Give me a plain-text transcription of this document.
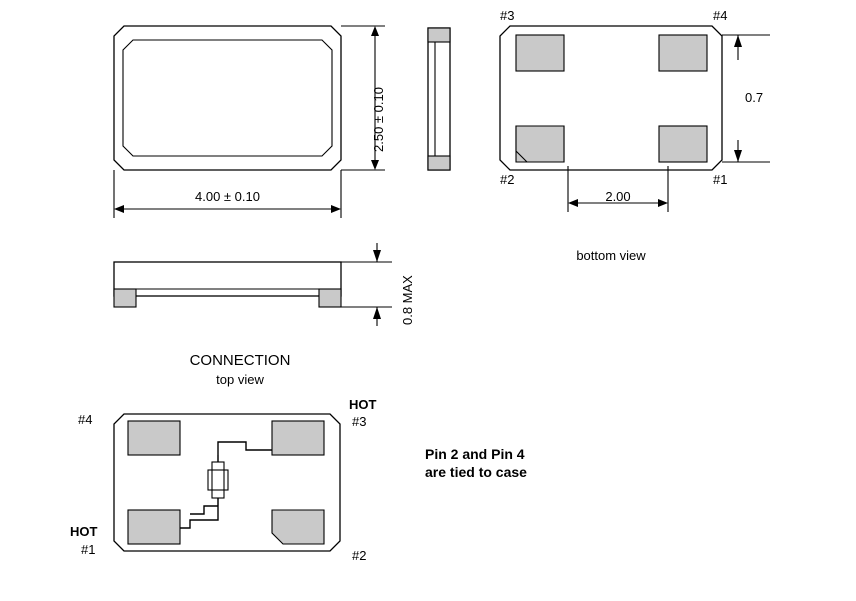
2.50 ± 0.10
4.00 ± 0.10
#3	#4
#2	#1
0.7
2.00
bottom view
0.8 MAX
CONNECTION
top view
#4
HOT
#3
HOT
#1	#2
Pin 2 and Pin 4
are tied to case
